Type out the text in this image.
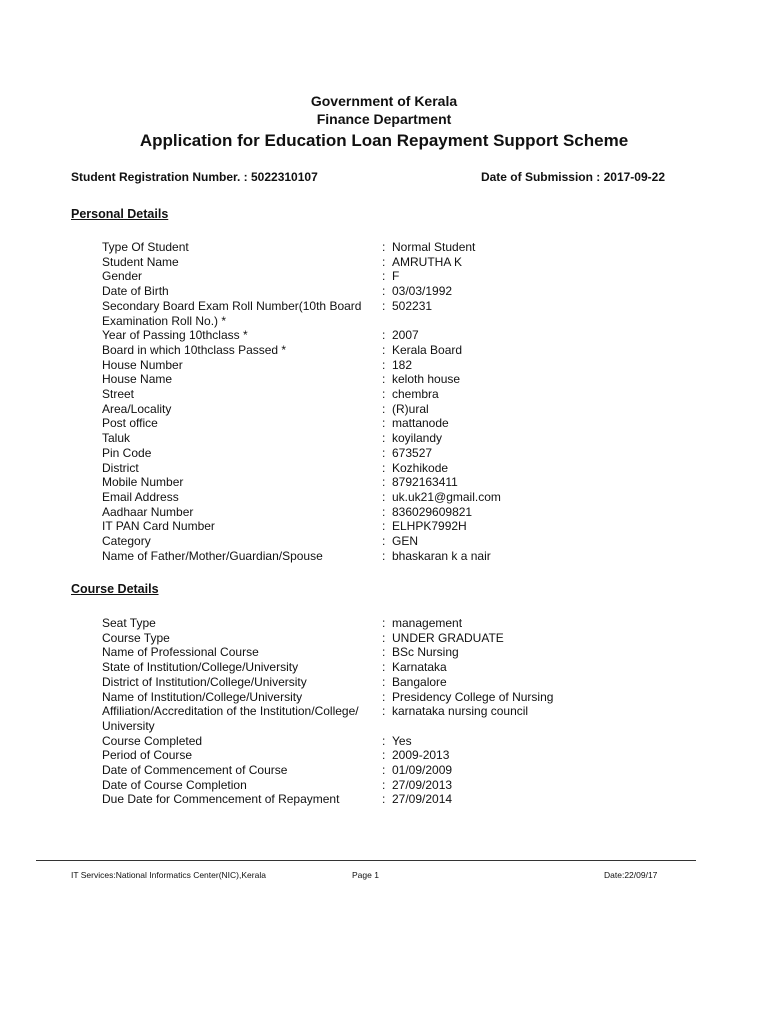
Government of Kerala
Finance Department
Application for Education Loan Repayment Support Scheme
Student Registration Number. : 5022310107	Date of Submission : 2017-09-22
Personal Details
Type Of Student	: Normal Student
Student Name	: AMRUTHA K
Gender	: F
Date of Birth	: 03/03/1992
Secondary Board Exam Roll Number(10th Board Examination Roll No.) *
: 502231
Year of Passing 10thclass *	: 2007
Board in which 10thclass Passed *	: Kerala Board
House Number	: 182
House Name	: keloth house
Street	: chembra
Area/Locality	: (R)ural
Post office	: mattanode
Taluk	: koyilandy
Pin Code	: 673527
District	: Kozhikode
Mobile Number	: 8792163411
Email Address	: uk.uk21@gmail.com
Aadhaar Number	: 836029609821
IT PAN Card Number	: ELHPK7992H
Category	: GEN
Name of Father/Mother/Guardian/Spouse	: bhaskaran k a nair
Course Details
Seat Type	: management
Course Type	: UNDER GRADUATE
Name of Professional Course	: BSc Nursing
State of Institution/College/University	: Karnataka
District of Institution/College/University	: Bangalore
Name of Institution/College/University	: Presidency College of Nursing
Affiliation/Accreditation of the Institution/College/ University
: karnataka nursing council
Course Completed	: Yes
Period of Course	: 2009-2013
Date of Commencement of Course	: 01/09/2009
Date of Course Completion	: 27/09/2013
Due Date for Commencement of Repayment	: 27/09/2014
IT Services:National Informatics Center(NIC),Kerala	Page 1	Date:22/09/17
